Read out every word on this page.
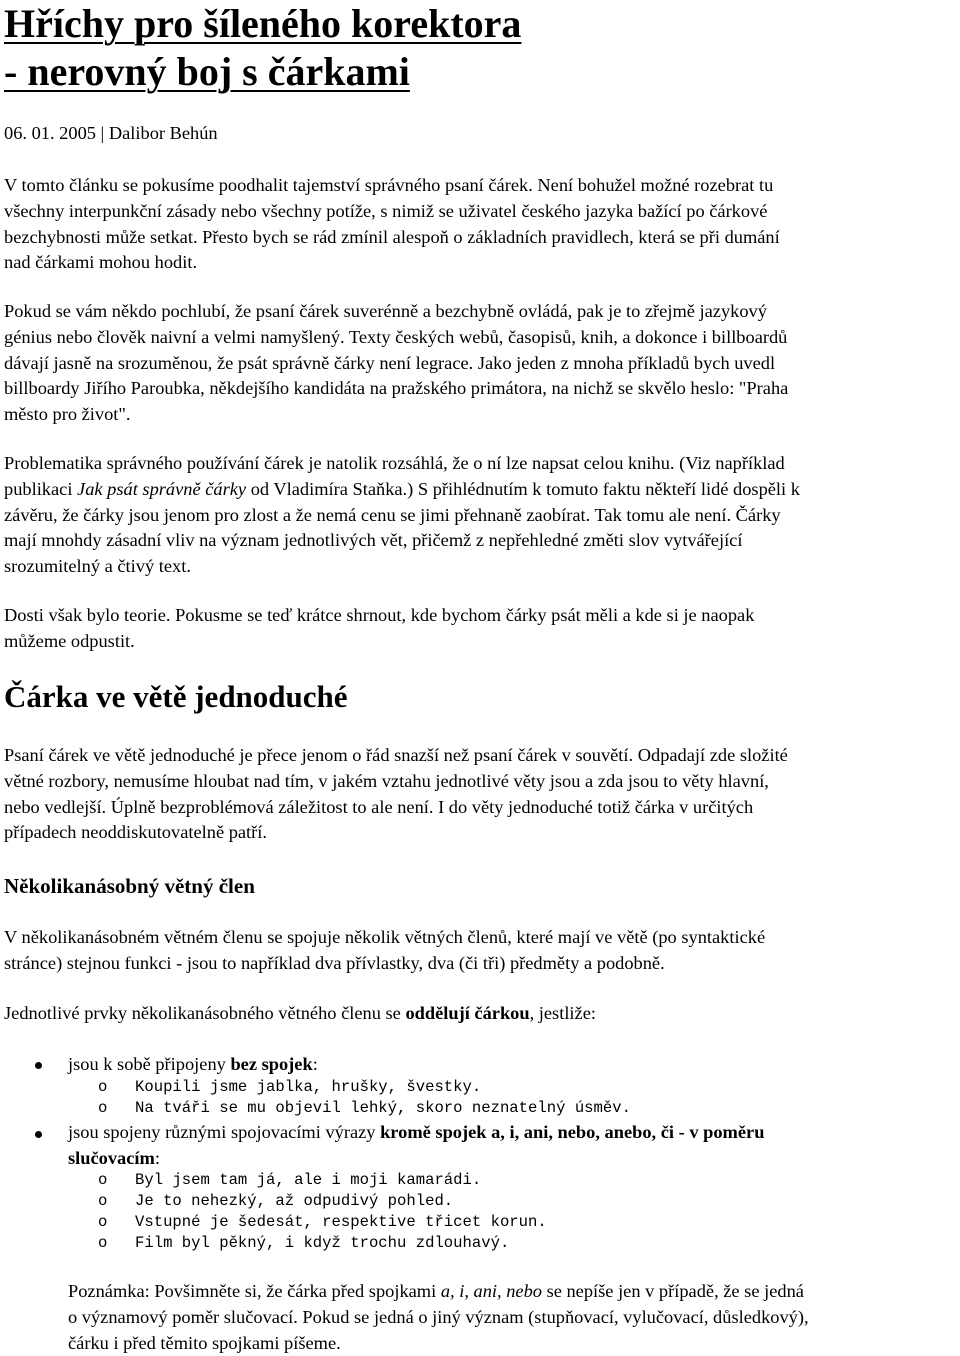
Hříchy pro šíleného korektora
- nerovný boj s čárkami
06. 01. 2005 | Dalibor Behún
V tomto článku se pokusíme poodhalit tajemství správného psaní čárek. Není bohužel možné rozebrat tu
všechny interpunkční zásady nebo všechny potíže, s nimiž se uživatel českého jazyka bažící po čárkové
bezchybnosti může setkat. Přesto bych se rád zmínil alespoň o základních pravidlech, která se při dumání
nad čárkami mohou hodit.
Pokud se vám někdo pochlubí, že psaní čárek suverénně a bezchybně ovládá, pak je to zřejmě jazykový
génius nebo člověk naivní a velmi namyšlený. Texty českých webů, časopisů, knih, a dokonce i billboardů
dávají jasně na srozuměnou, že psát správně čárky není legrace. Jako jeden z mnoha příkladů bych uvedl
billboardy Jiřího Paroubka, někdejšího kandidáta na pražského primátora, na nichž se skvělo heslo: "Praha
město pro život".
Problematika správného používání čárek je natolik rozsáhlá, že o ní lze napsat celou knihu. (Viz například
publikaci Jak psát správně čárky od Vladimíra Staňka.) S přihlédnutím k tomuto faktu někteří lidé dospěli k
závěru, že čárky jsou jenom pro zlost a že nemá cenu se jimi přehnaně zaobírat. Tak tomu ale není. Čárky
mají mnohdy zásadní vliv na význam jednotlivých vět, přičemž z nepřehledné změti slov vytvářející
srozumitelný a čtivý text.
Dosti však bylo teorie. Pokusme se teď krátce shrnout, kde bychom čárky psát měli a kde si je naopak
můžeme odpustit.
Čárka ve větě jednoduché
Psaní čárek ve větě jednoduché je přece jenom o řád snazší než psaní čárek v souvětí. Odpadají zde složité
větné rozbory, nemusíme hloubat nad tím, v jakém vztahu jednotlivé věty jsou a zda jsou to věty hlavní,
nebo vedlejší. Úplně bezproblémová záležitost to ale není. I do věty jednoduché totiž čárka v určitých
případech neoddiskutovatelně patří.
Několikanásobný větný člen
V několikanásobném větném členu se spojuje několik větných členů, které mají ve větě (po syntaktické
stránce) stejnou funkci - jsou to například dva přívlastky, dva (či tři) předměty a podobně.
Jednotlivé prvky několikanásobného větného členu se oddělují čárkou, jestliže:
jsou k sobě připojeny bez spojek:
o Koupili jsme jablka, hrušky, švestky.
o Na tváři se mu objevil lehký, skoro neznatelný úsměv.
jsou spojeny různými spojovacími výrazy kromě spojek a, i, ani, nebo, anebo, či - v poměru
slučovacím:
o Byl jsem tam já, ale i moji kamarádi.
o Je to nehezký, až odpudivý pohled.
o Vstupné je šedesát, respektive třicet korun.
o Film byl pěkný, i když trochu zdlouhavý.
Poznámka: Povšimněte si, že čárka před spojkami a, i, ani, nebo se nepíše jen v případě, že se jedná
o významový poměr slučovací. Pokud se jedná o jiný význam (stupňovací, vylučovací, důsledkový),
čárku i před těmito spojkami píšeme.
